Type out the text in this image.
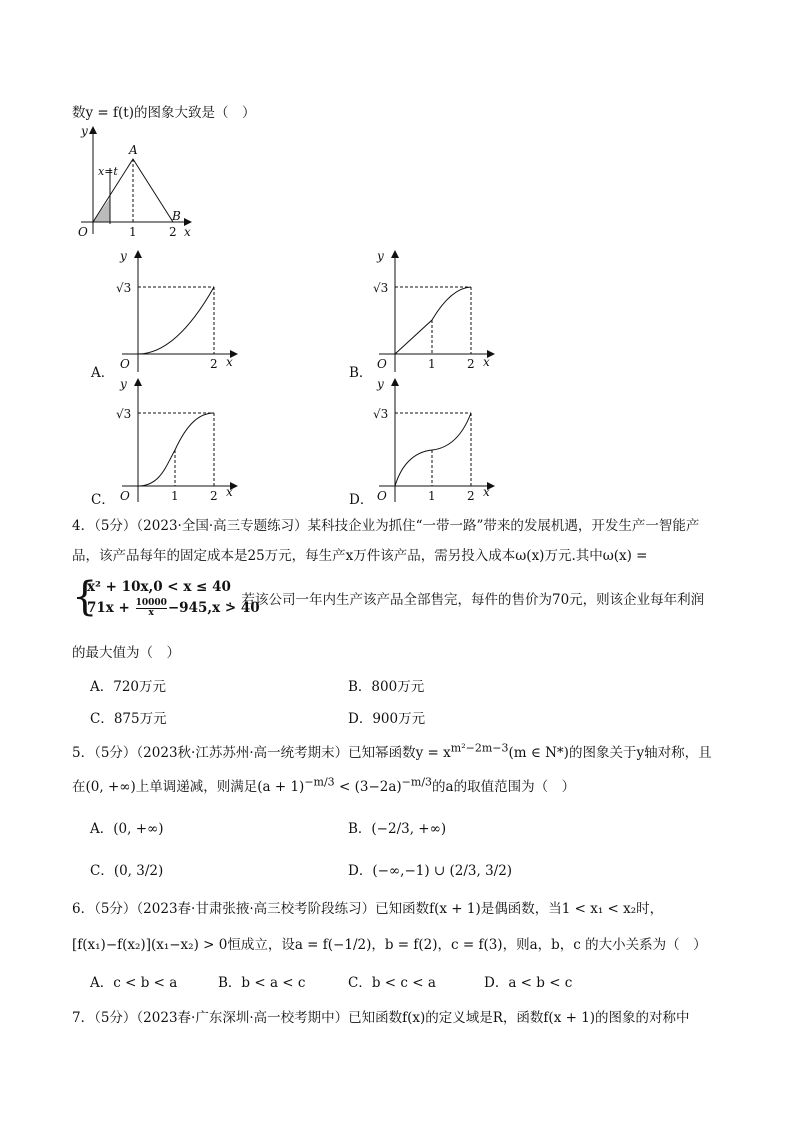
数y = f(t)的图象大致是（　）
y
A
x=t
B
O	1	2 x
y
√3
O	2 x
A．
y
√3
O	1	2 x
B．
y
√3
O	1	2 x
C．
y
√3
O	1	2 x
D．
4．（5分）（2023·全国·高三专题练习）某科技企业为抓住“一带一路”带来的发展机遇，开发生产一智能产
品，该产品每年的固定成本是25万元，每生产x万件该产品，需另投入成本ω(x)万元.其中ω(x) =
{
x² + 10x,0 < x ≤ 40
$71x + \frac{10000}{x} -945,x > 40$
，若该公司一年内生产该产品全部售完，每件的售价为70元，则该企业每年利润
的最大值为（　）
A．720万元	B．800万元
C．875万元	D．900万元
5．（5分）（2023秋·江苏苏州·高一统考期末）已知幂函数$y = x^{m^2-2m-3}(m$ ∈ N*)的图象关于y轴对称，且
在(0, +∞)上单调递减，则满足$(a + 1)^{-m/3} < (3-2a)^{-m/3}$的a的取值范围为（　）
A．(0, +∞)	B．(−2/3, +∞)
C．(0, 3/2)	D．(−∞,−1) ∪ (2/3, 3/2)
6．（5分）（2023春·甘肃张掖·高三校考阶段练习）已知函数f(x + 1)是偶函数，当1 < x₁ < x₂时，
[f(x₁)−f(x₂)](x₁−x₂) > 0恒成立，设a = f(−1/2)，b = f(2)，c = f(3)，则a，b，c 的大小关系为（　）
A．c < b < a	B．b < a < c	C．b < c < a	D．a < b < c
7．（5分）（2023春·广东深圳·高一校考期中）已知函数f(x)的定义域是R，函数f(x + 1)的图象的对称中
